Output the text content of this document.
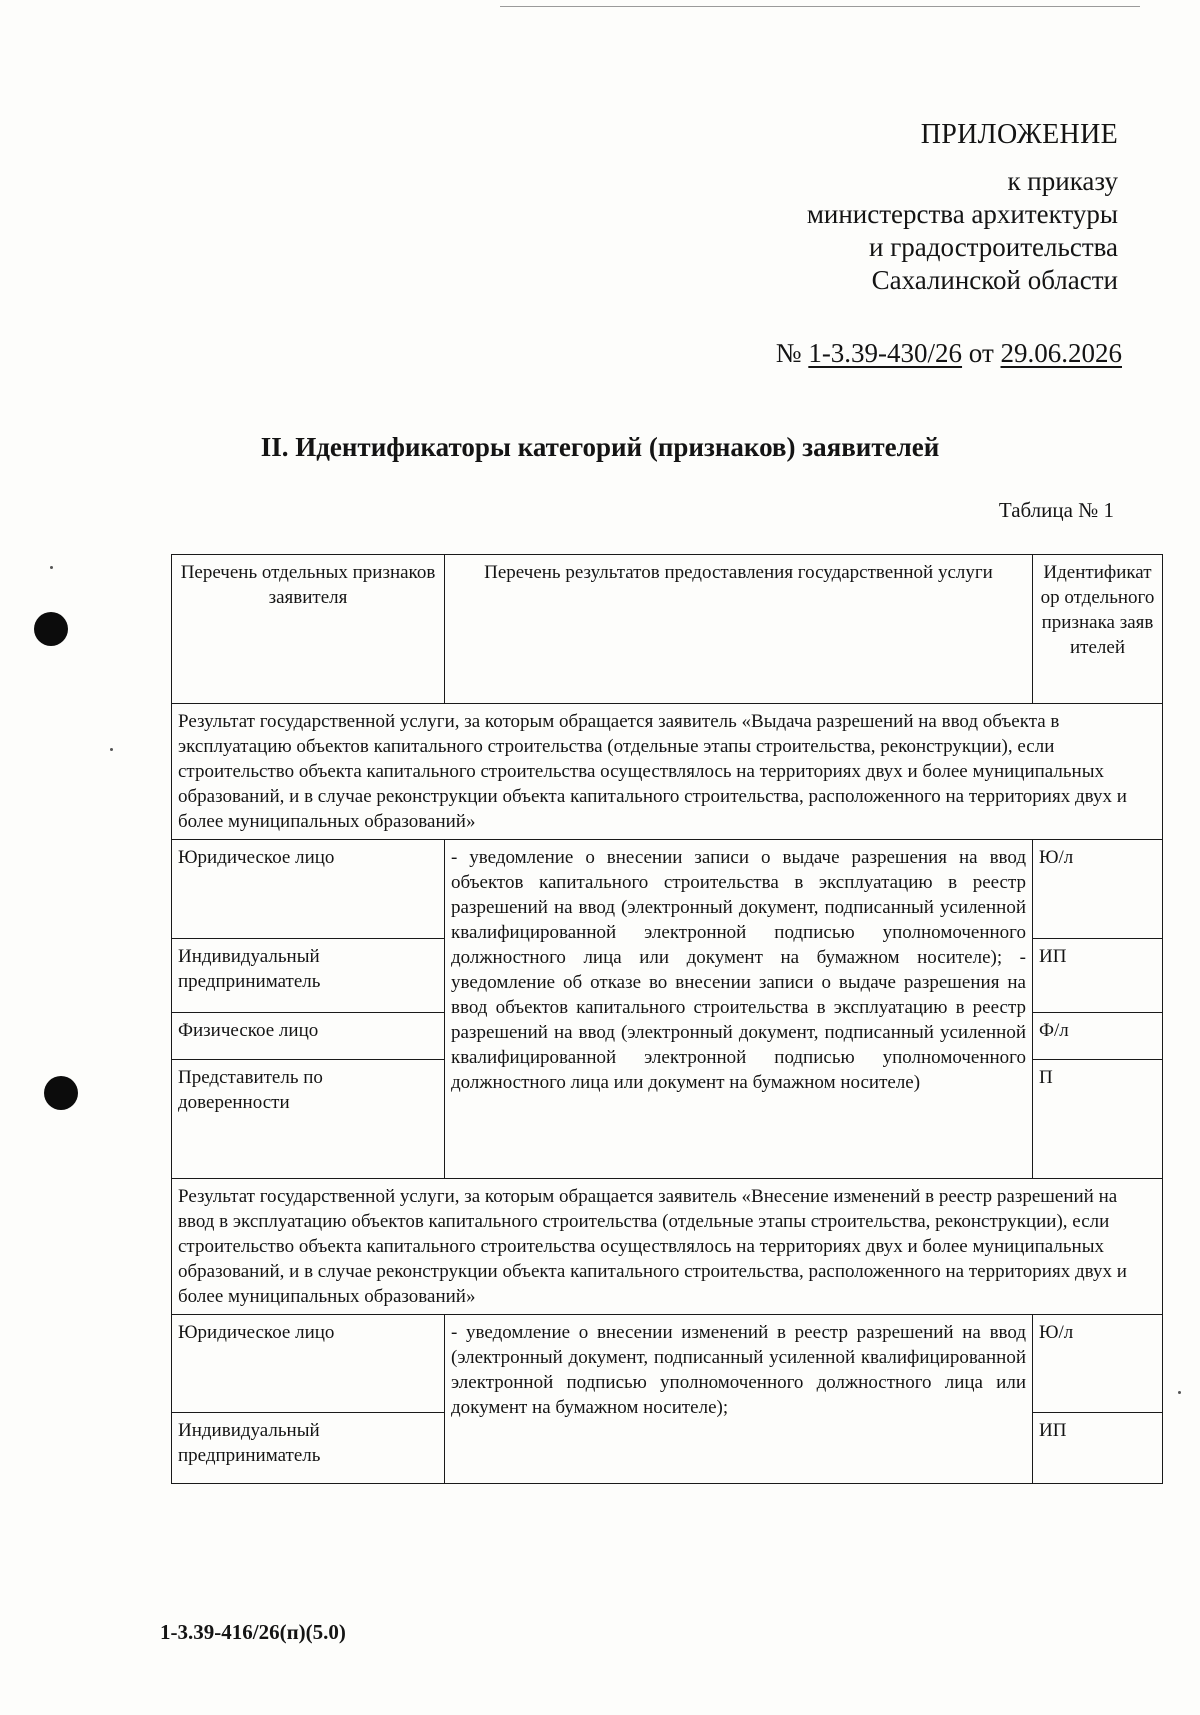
ПРИЛОЖЕНИЕ
к приказу
министерства архитектуры
и градостроительства
Сахалинской области
№ 1-3.39-430/26 от 29.06.2026
II. Идентификаторы категорий (признаков) заявителей
Таблица № 1
Перечень отдельных признаков заявителя	Перечень результатов предоставления государственной услуги	Идентификатор отдельного признака заявителей
Результат государственной услуги, за которым обращается заявитель «Выдача разрешений на ввод объекта в эксплуатацию объектов капитального строительства (отдельные этапы строительства, реконструкции), если строительство объекта капитального строительства осуществлялось на территориях двух и более муниципальных образований, и в случае реконструкции объекта капитального строительства, расположенного на территориях двух и более муниципальных образований»		
Юридическое лицо	- уведомление о внесении записи о выдаче разрешения на ввод объектов капитального строительства в эксплуатацию в реестр разрешений на ввод (электронный документ, подписанный усиленной квалифицированной электронной подписью уполномоченного должностного лица или документ на бумажном носителе); - уведомление об отказе во внесении записи о выдаче разрешения на ввод объектов капитального строительства в эксплуатацию в реестр разрешений на ввод (электронный документ, подписанный усиленной квалифицированной электронной подписью уполномоченного должностного лица или документ на бумажном носителе)	Ю/л
Индивидуальный предприниматель		ИП
Физическое лицо		Ф/л
Представитель по доверенности		П
Результат государственной услуги, за которым обращается заявитель «Внесение изменений в реестр разрешений на ввод в эксплуатацию объектов капитального строительства (отдельные этапы строительства, реконструкции), если строительство объекта капитального строительства осуществлялось на территориях двух и более муниципальных образований, и в случае реконструкции объекта капитального строительства, расположенного на территориях двух и более муниципальных образований»		
Юридическое лицо	- уведомление о внесении изменений в реестр разрешений на ввод (электронный документ, подписанный усиленной квалифицированной электронной подписью уполномоченного должностного лица или документ на бумажном носителе);	Ю/л
Индивидуальный предприниматель		ИП
1-3.39-416/26(п)(5.0)
